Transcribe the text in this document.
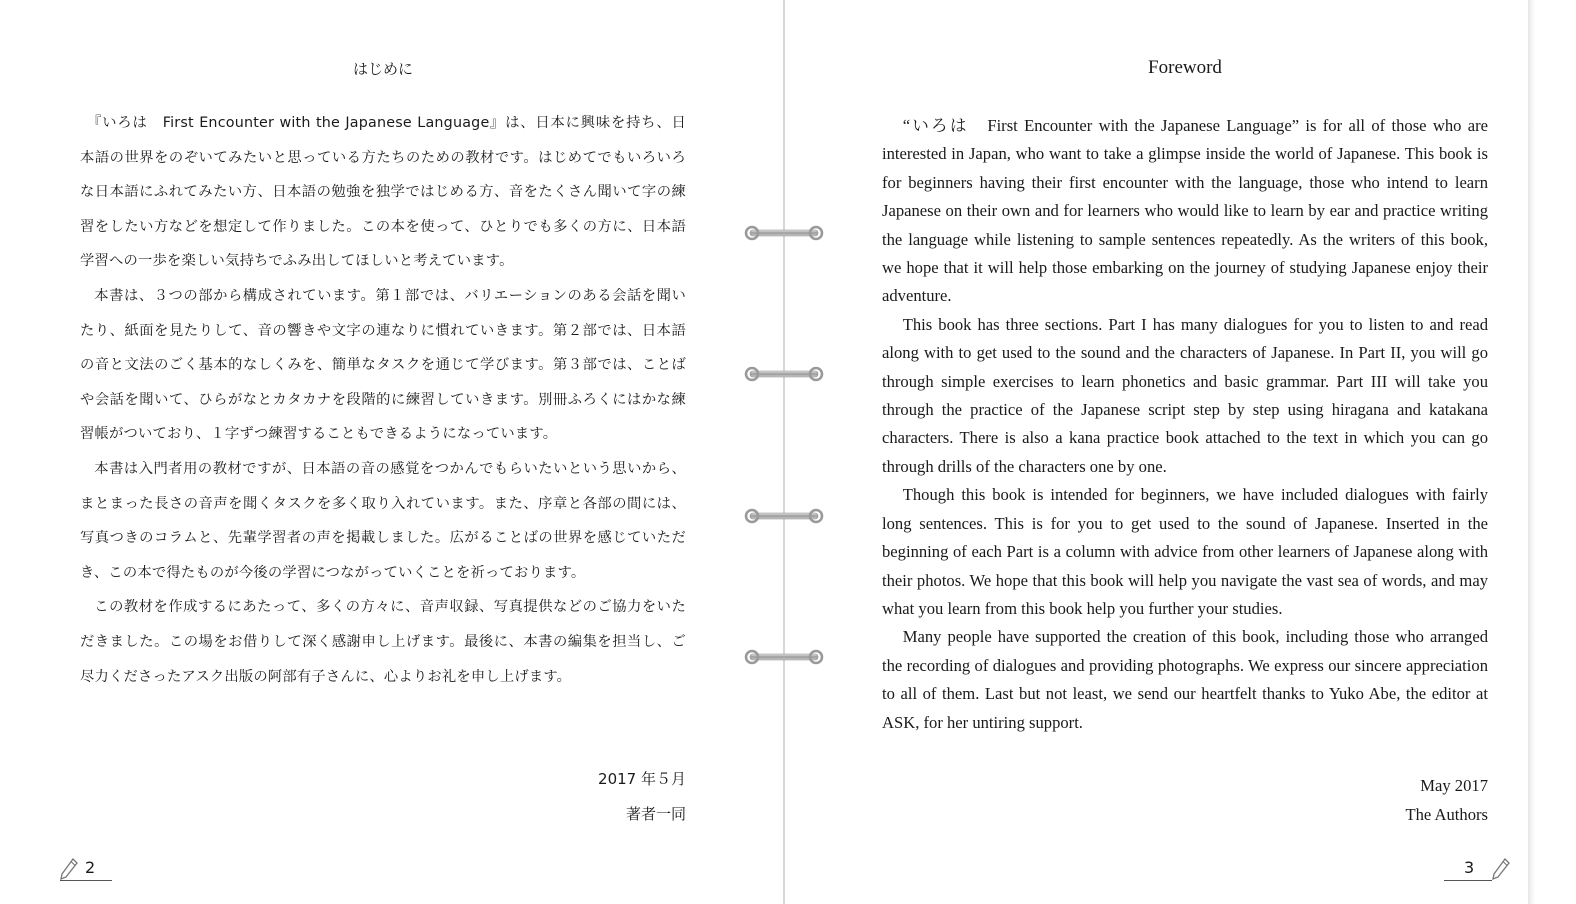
はじめに

『いろは　First Encounter with the Japanese Language』は、日本に興味を持ち、日本語の世界をのぞいてみたいと思っている方たちのための教材です。はじめてでもいろいろな日本語にふれてみたい方、日本語の勉強を独学ではじめる方、音をたくさん聞いて字の練習をしたい方などを想定して作りました。この本を使って、ひとりでも多くの方に、日本語学習への一歩を楽しい気持ちでふみ出してほしいと考えています。

本書は、３つの部から構成されています。第１部では、バリエーションのある会話を聞いたり、紙面を見たりして、音の響きや文字の連なりに慣れていきます。第２部では、日本語の音と文法のごく基本的なしくみを、簡単なタスクを通じて学びます。第３部では、ことばや会話を聞いて、ひらがなとカタカナを段階的に練習していきます。別冊ふろくにはかな練習帳がついており、１字ずつ練習することもできるようになっています。

本書は入門者用の教材ですが、日本語の音の感覚をつかんでもらいたいという思いから、まとまった長さの音声を聞くタスクを多く取り入れています。また、序章と各部の間には、写真つきのコラムと、先輩学習者の声を掲載しました。広がることばの世界を感じていただき、この本で得たものが今後の学習につながっていくことを祈っております。

この教材を作成するにあたって、多くの方々に、音声収録、写真提供などのご協力をいただきました。この場をお借りして深く感謝申し上げます。最後に、本書の編集を担当し、ご尽力くださったアスク出版の阿部有子さんに、心よりお礼を申し上げます。

2017 年５月
著者一同
2
Foreword

“いろは　First Encounter with the Japanese Language” is for all of those who are interested in Japan, who want to take a glimpse inside the world of Japanese. This book is for beginners having their first encounter with the language, those who intend to learn Japanese on their own and for learners who would like to learn by ear and practice writing the language while listening to sample sentences repeatedly. As the writers of this book, we hope that it will help those embarking on the journey of studying Japanese enjoy their adventure.

This book has three sections. Part I has many dialogues for you to listen to and read along with to get used to the sound and the characters of Japanese. In Part II, you will go through simple exercises to learn phonetics and basic grammar. Part III will take you through the practice of the Japanese script step by step using hiragana and katakana characters. There is also a kana practice book attached to the text in which you can go through drills of the characters one by one.

Though this book is intended for beginners, we have included dialogues with fairly long sentences. This is for you to get used to the sound of Japanese. Inserted in the beginning of each Part is a column with advice from other learners of Japanese along with their photos. We hope that this book will help you navigate the vast sea of words, and may what you learn from this book help you further your studies.

Many people have supported the creation of this book, including those who arranged the recording of dialogues and providing photographs. We express our sincere appreciation to all of them. Last but not least, we send our heartfelt thanks to Yuko Abe, the editor at ASK, for her untiring support.

May 2017
The Authors
3
